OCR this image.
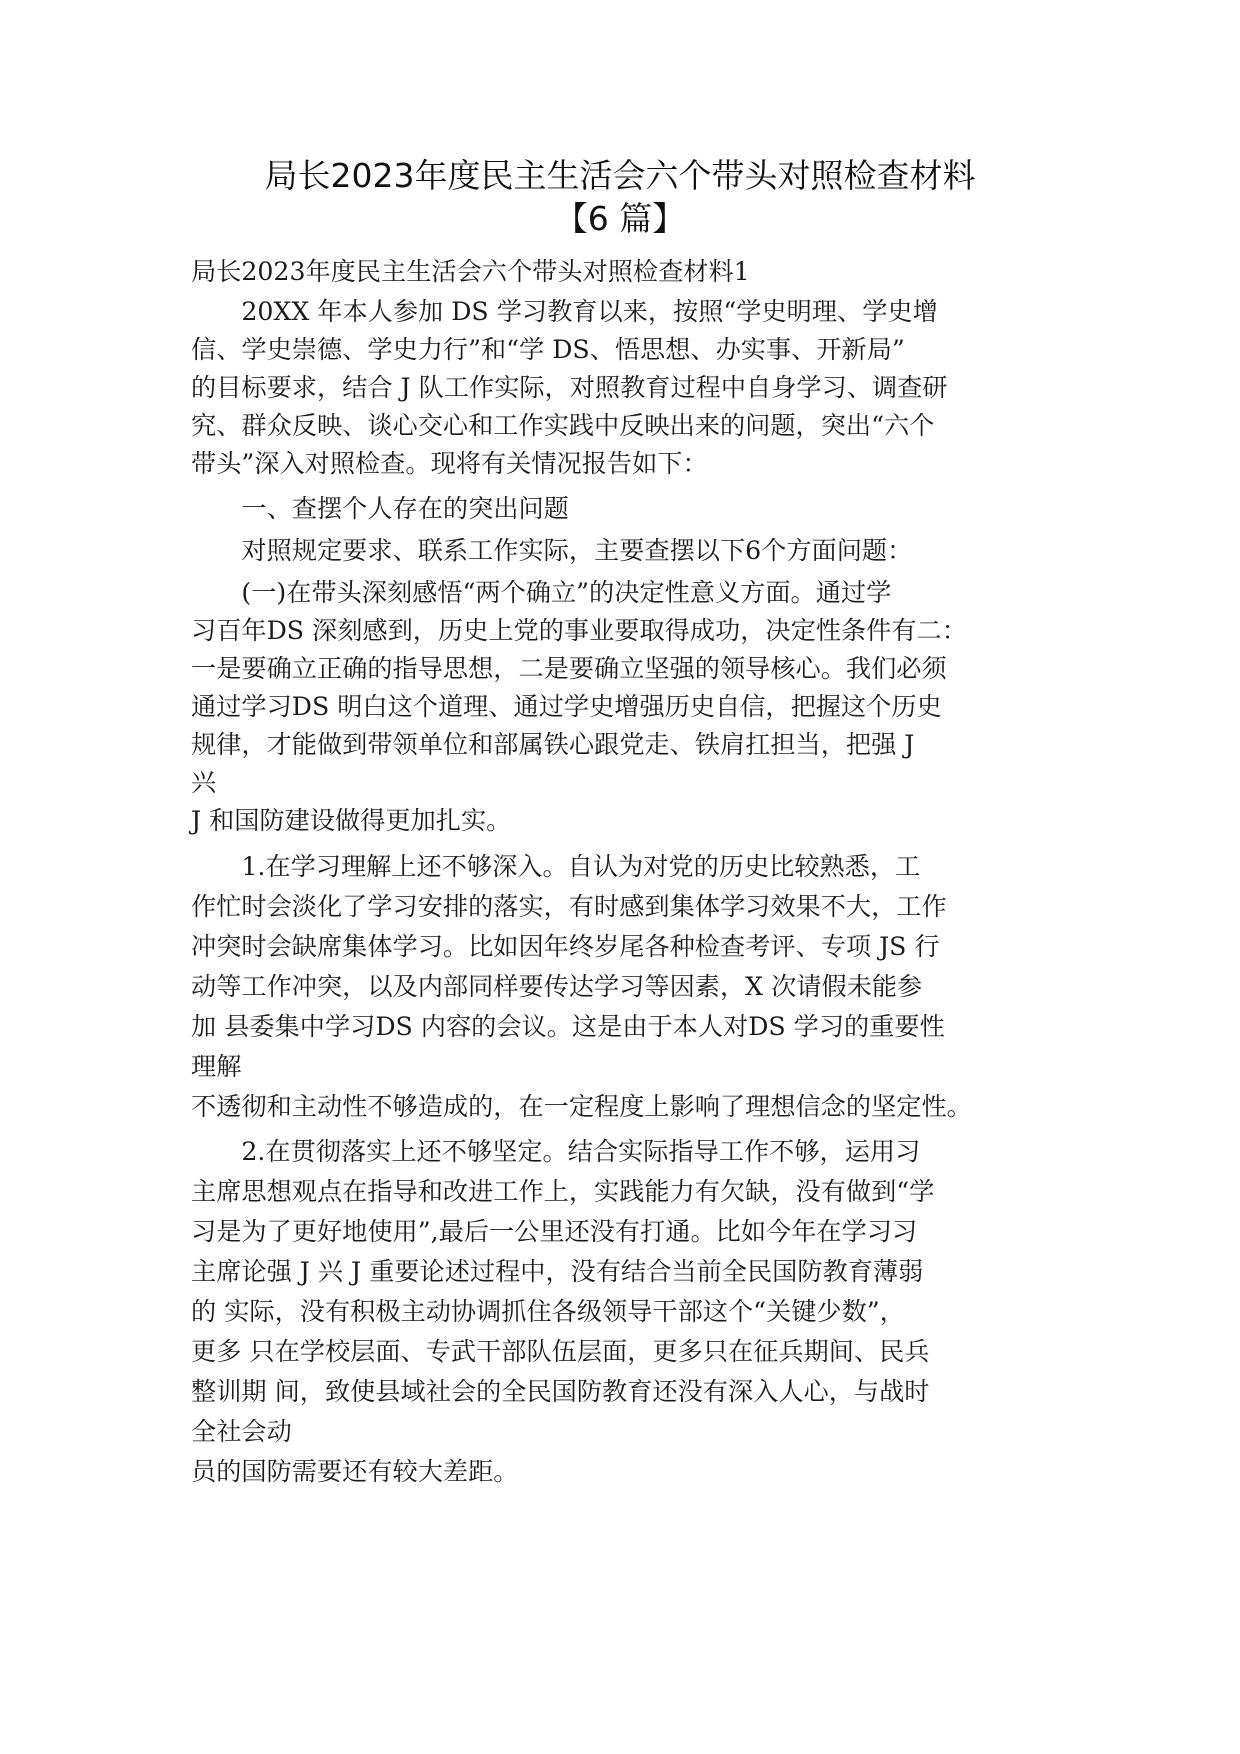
局长2023年度民主生活会六个带头对照检查材料
【6 篇】

局长2023年度民主生活会六个带头对照检查材料1

　　20XX 年本人参加 DS 学习教育以来，按照“学史明理、学史增

信、学史崇德、学史力行”和“学 DS、悟思想、办实事、开新局”

的目标要求，结合 J 队工作实际，对照教育过程中自身学习、调查研

究、群众反映、谈心交心和工作实践中反映出来的问题，突出“六个

带头”深入对照检查。现将有关情况报告如下：

　　一、查摆个人存在的突出问题

　　对照规定要求、联系工作实际，主要查摆以下6个方面问题：

　　(一)在带头深刻感悟“两个确立”的决定性意义方面。通过学

习百年DS 深刻感到，历史上党的事业要取得成功，决定性条件有二：

一是要确立正确的指导思想，二是要确立坚强的领导核心。我们必须

通过学习DS 明白这个道理、通过学史增强历史自信，把握这个历史

规律，才能做到带领单位和部属铁心跟党走、铁肩扛担当，把强 J

兴

J 和国防建设做得更加扎实。

　　1.在学习理解上还不够深入。自认为对党的历史比较熟悉，工

作忙时会淡化了学习安排的落实，有时感到集体学习效果不大，工作

冲突时会缺席集体学习。比如因年终岁尾各种检查考评、专项 JS 行

动等工作冲突，以及内部同样要传达学习等因素，X 次请假未能参

加 县委集中学习DS 内容的会议。这是由于本人对DS 学习的重要性

理解

不透彻和主动性不够造成的，在一定程度上影响了理想信念的坚定性。

　　2.在贯彻落实上还不够坚定。结合实际指导工作不够，运用习

主席思想观点在指导和改进工作上，实践能力有欠缺，没有做到“学

习是为了更好地使用”,最后一公里还没有打通。比如今年在学习习

主席论强 J 兴 J 重要论述过程中，没有结合当前全民国防教育薄弱

的 实际，没有积极主动协调抓住各级领导干部这个“关键少数”，

更多 只在学校层面、专武干部队伍层面，更多只在征兵期间、民兵

整训期 间，致使县域社会的全民国防教育还没有深入人心，与战时

全社会动

员的国防需要还有较大差距。
